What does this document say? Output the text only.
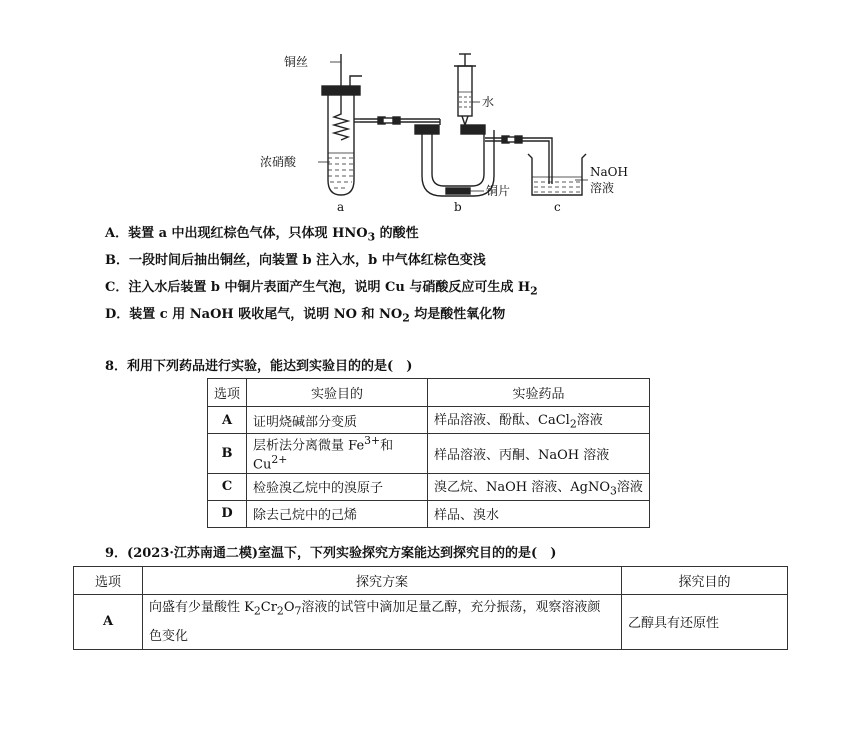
铜丝
水
浓硝酸
NaOH
溶液
铜片
a	b	c
A．装置 a 中出现红棕色气体，只体现 $HNO_3$ 的酸性
B．一段时间后抽出铜丝，向装置 b 注入水，b 中气体红棕色变浅
C．注入水后装置 b 中铜片表面产生气泡，说明 Cu 与硝酸反应可生成 $H_2$
D．装置 c 用 NaOH 吸收尾气，说明 NO 和 $NO_2$ 均是酸性氧化物
8．利用下列药品进行实验，能达到实验目的的是(　)
选项	实验目的	实验药品
A	证明烧碱部分变质	样品溶液、酚酞、CaCl$_2$溶液
B	层析法分离微量 $Fe^{3+}$和 $Cu^{2+}$	样品溶液、丙酮、NaOH 溶液
C	检验溴乙烷中的溴原子	溴乙烷、NaOH 溶液、AgNO$_3$溶液
D	除去己烷中的己烯	样品、溴水
9．(2023·江苏南通二模)室温下，下列实验探究方案能达到探究目的的是(　)
选项	探究方案	探究目的
A	向盛有少量酸性 $K_2Cr_2O_7$溶液的试管中滴加足量乙醇，充分振荡，观察溶液颜
色变化	乙醇具有还原性
